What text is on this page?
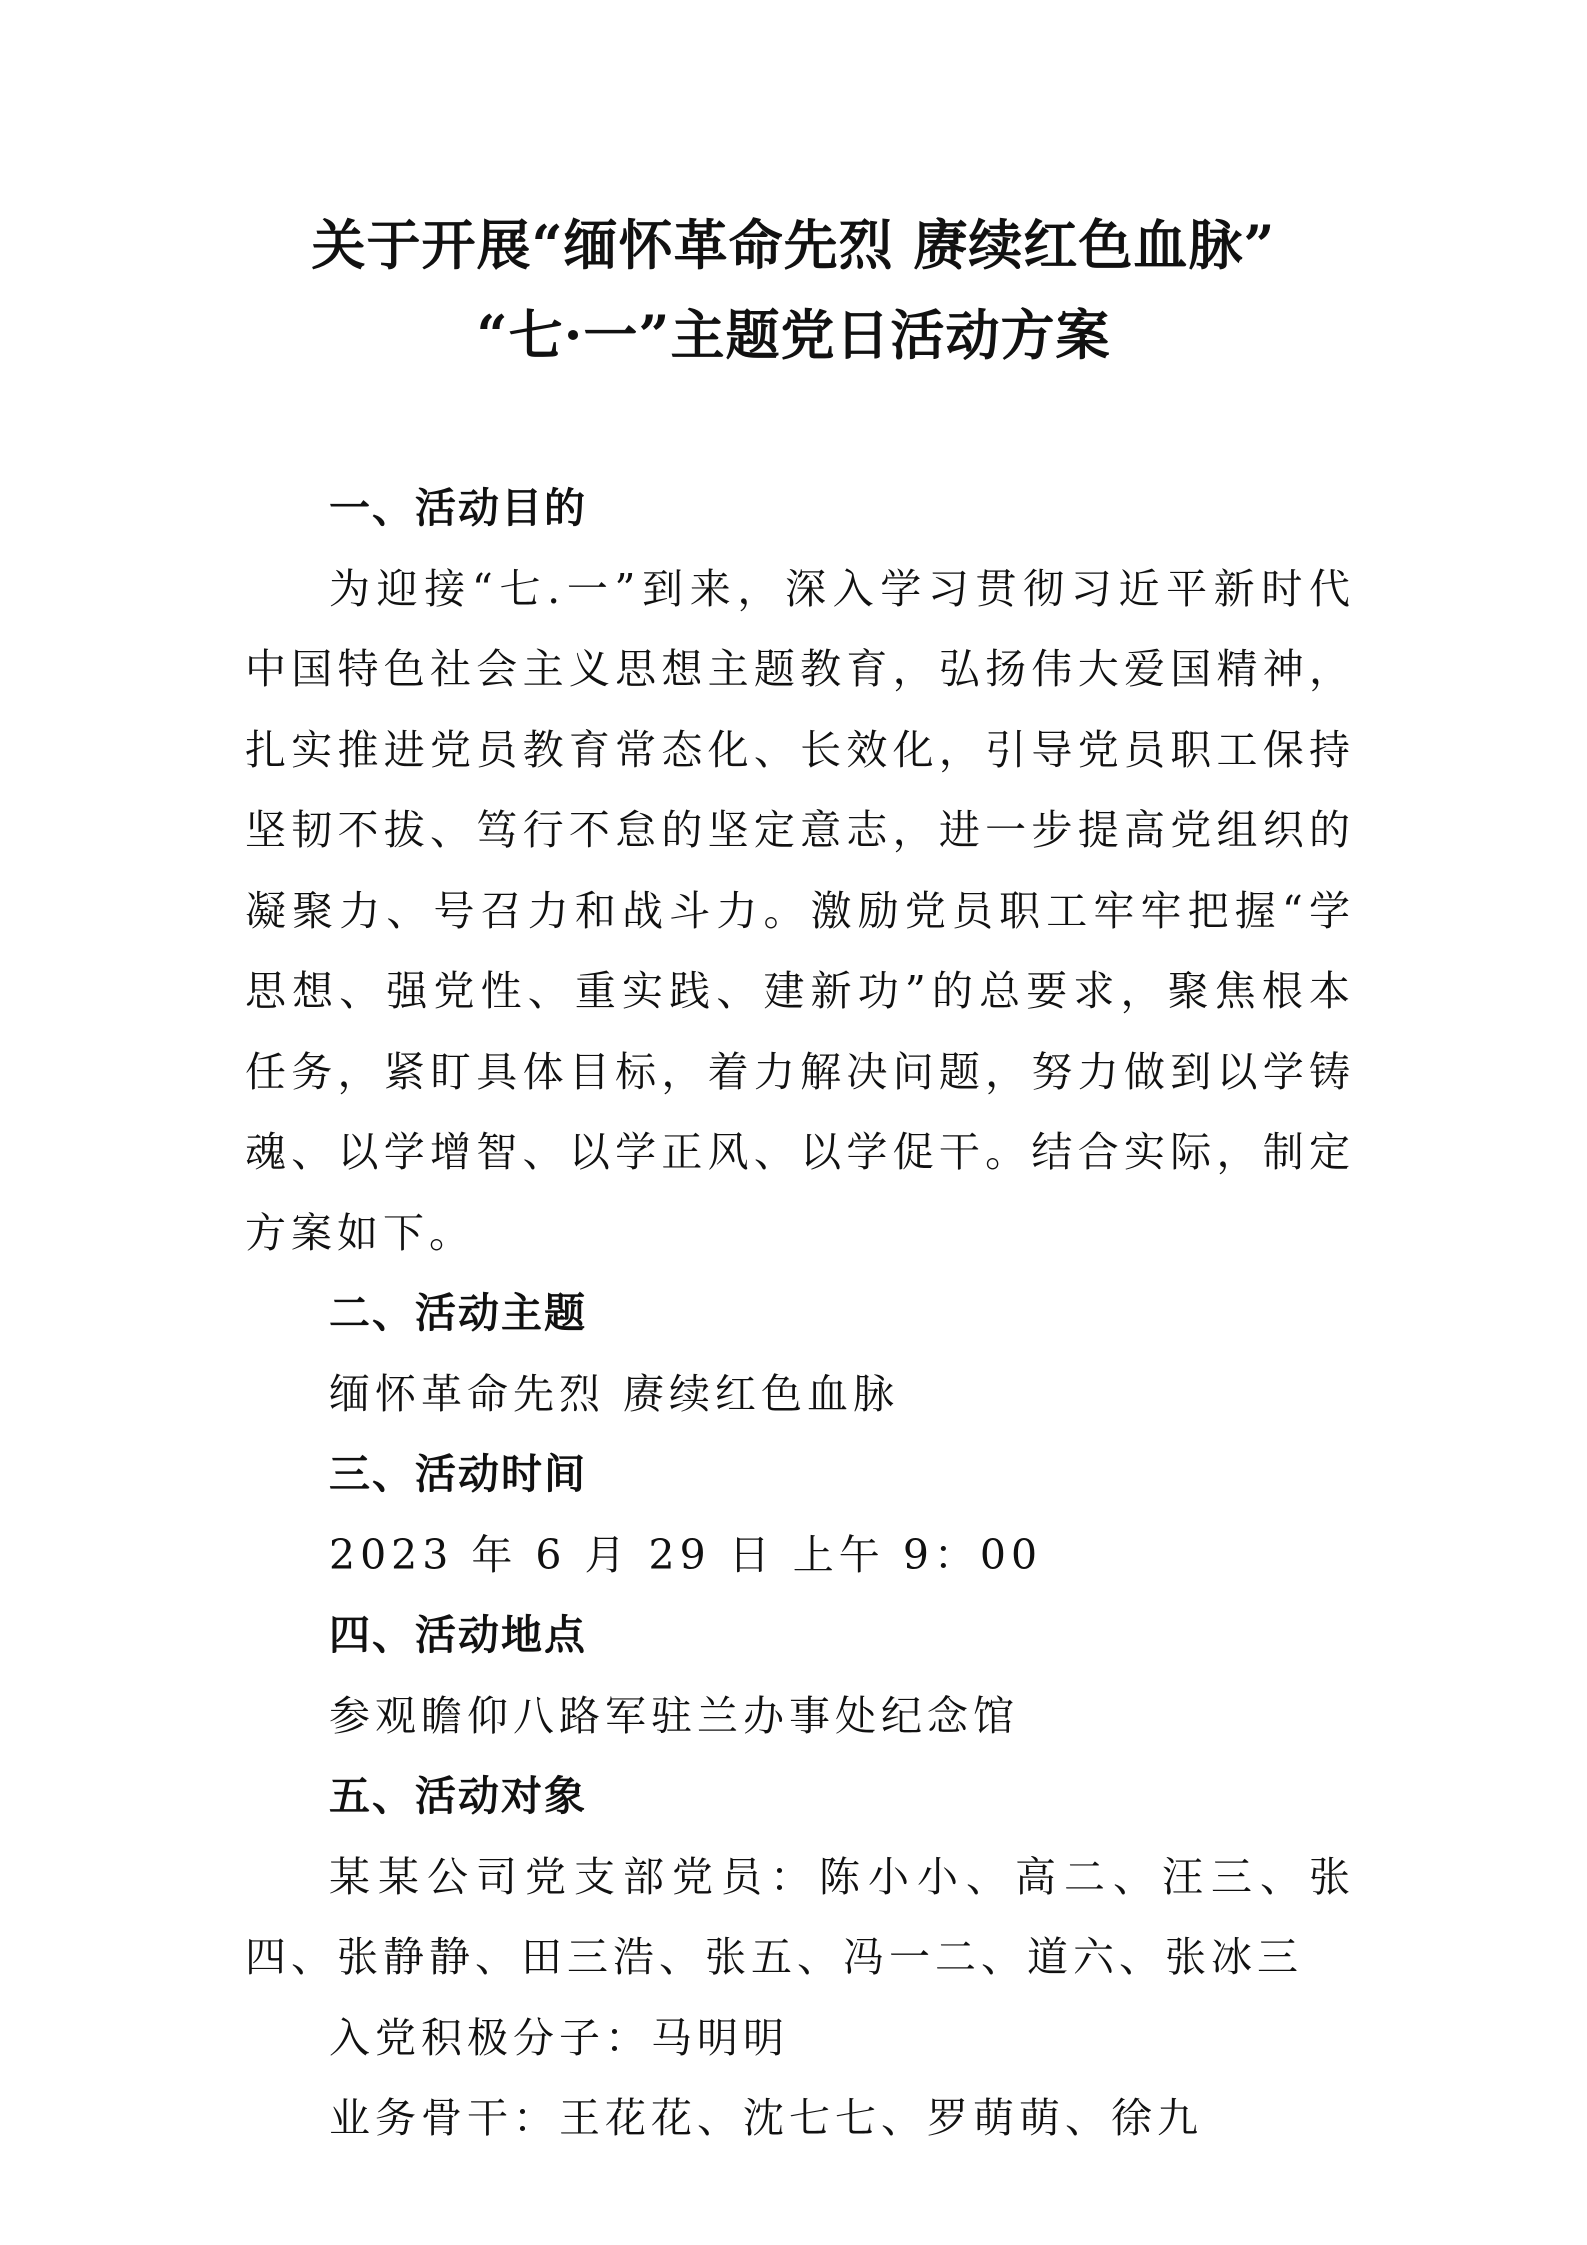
关于开展“缅怀革命先烈 赓续红色血脉”
“七·一”主题党日活动方案

一、活动目的

为迎接“七.一”到来，深入学习贯彻习近平新时代中国特色社会主义思想主题教育，弘扬伟大爱国精神，扎实推进党员教育常态化、长效化，引导党员职工保持坚韧不拔、笃行不怠的坚定意志，进一步提高党组织的凝聚力、号召力和战斗力。激励党员职工牢牢把握“学思想、强党性、重实践、建新功”的总要求，聚焦根本任务，紧盯具体目标，着力解决问题，努力做到以学铸魂、以学增智、以学正风、以学促干。结合实际，制定方案如下。

二、活动主题

缅怀革命先烈 赓续红色血脉

三、活动时间

2023 年 6 月 29 日 上午 9：00

四、活动地点

参观瞻仰八路军驻兰办事处纪念馆

五、活动对象

某某公司党支部党员：陈小小、高二、汪三、张四、张静静、田三浩、张五、冯一二、道六、张冰三

入党积极分子：马明明

业务骨干：王花花、沈七七、罗萌萌、徐九
